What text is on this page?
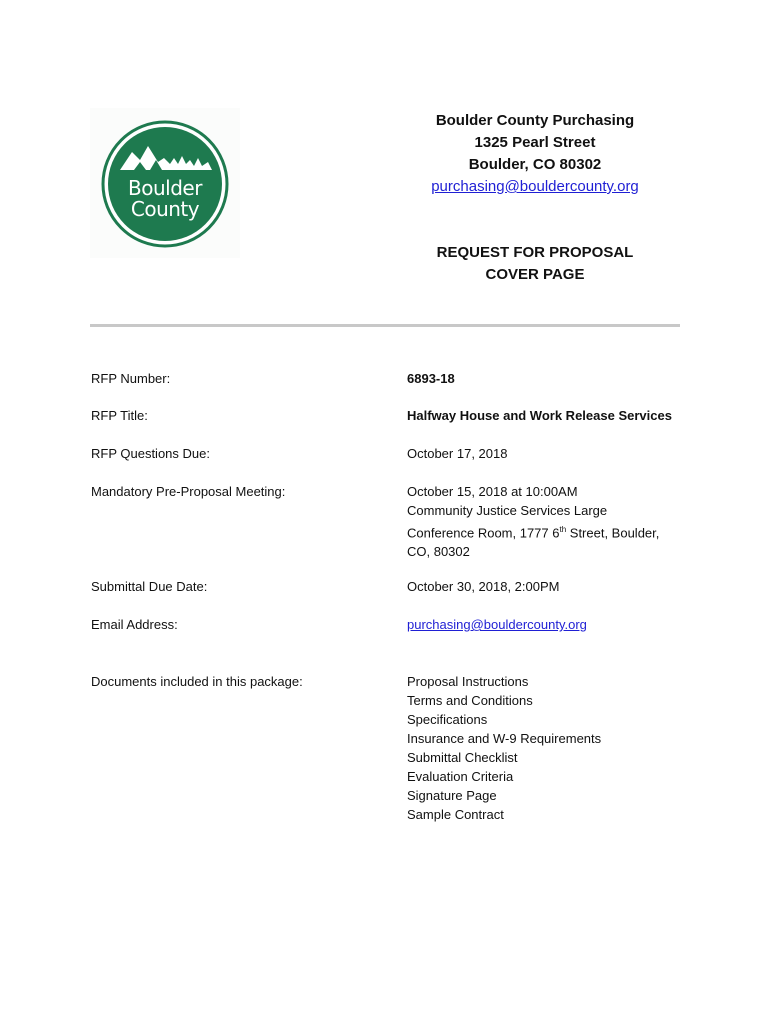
Boulder
County
Boulder County Purchasing
1325 Pearl Street
Boulder, CO 80302
purchasing@bouldercounty.org
REQUEST FOR PROPOSAL
COVER PAGE
RFP Number:	6893-18
RFP Title:	Halfway House and Work Release Services
RFP Questions Due:	October 17, 2018
Mandatory Pre-Proposal Meeting:	October 15, 2018 at 10:00AM
Community Justice Services Large
Conference Room, 1777 6th Street, Boulder,
CO, 80302
Submittal Due Date:	October 30, 2018, 2:00PM
Email Address:	purchasing@bouldercounty.org
Documents included in this package:	Proposal Instructions
Terms and Conditions
Specifications
Insurance and W-9 Requirements
Submittal Checklist
Evaluation Criteria
Signature Page
Sample Contract
